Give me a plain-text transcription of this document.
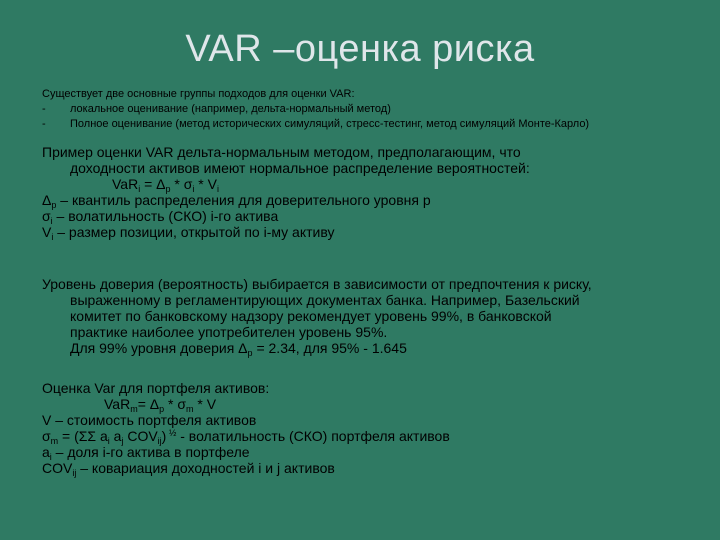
VAR –оценка риска
Существует две основные группы подходов для оценки VAR:
- локальное оценивание (например, дельта-нормальный метод)
- Полное оценивание (метод исторических симуляций, стресс-тестинг, метод симуляций Монте-Карло)
Пример оценки VAR дельта-нормальным методом, предполагающим, что
доходности активов имеют нормальное распределение вероятностей:
$VaR_i = \Delta_p * \sigma_i * V_i$
$\Delta_p$ – квантиль распределения для доверительного уровня p
$\sigma_i$ – волатильность (СКО) i-го актива
$V_i$ – размер позиции, открытой по i-му активу
Уровень доверия (вероятность) выбирается в зависимости от предпочтения к риску,
выраженному в регламентирующих документах банка. Например, Базельский
комитет по банковскому надзору рекомендует уровень 99%, в банковской
практике наиболее употребителен уровень 95%.
Для 99% уровня доверия $\Delta_p = 2.34$, для 95% - 1.645
Оценка Var для портфеля активов:
$VaR_m= \Delta_p * \sigma_m * V$
V – стоимость портфеля активов
$\sigma_m = (\Sigma\Sigma$ $a_i$ $a_j$ $COV_{ij}$) $^{\frac{1}{2}}$ - волатильность (СКО) портфеля активов
$a_i$ – доля i-го актива в портфеле
$COV_{ij}$ – ковариация доходностей i и j активов
